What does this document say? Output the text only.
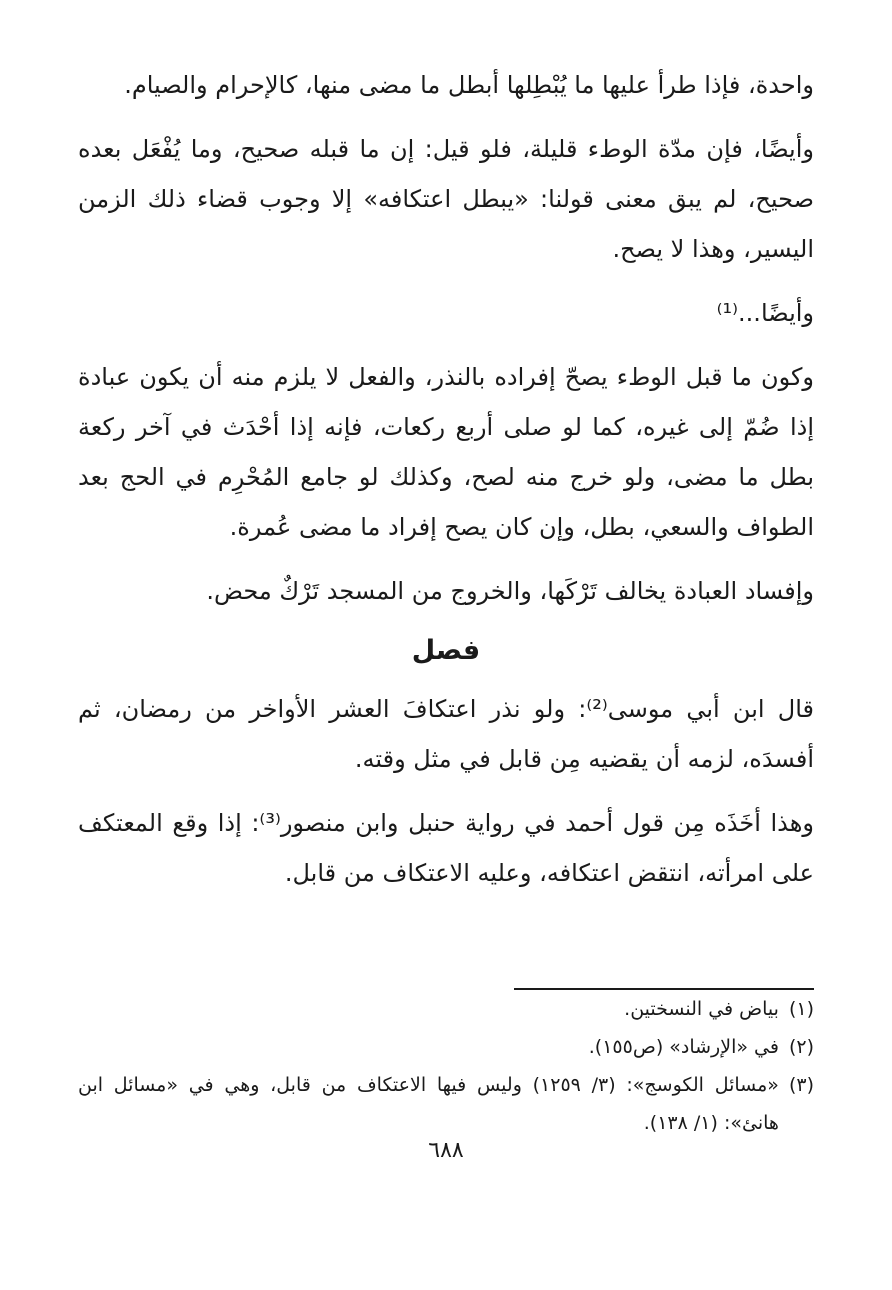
واحدة، فإذا طرأ عليها ما يُبْطِلها أبطل ما مضى منها، كالإحرام والصيام.

وأيضًا، فإن مدّة الوطء قليلة، فلو قيل: إن ما قبله صحيح، وما يُفْعَل بعده صحيح، لم يبق معنى قولنا: «يبطل اعتكافه» إلا وجوب قضاء ذلك الزمن اليسير، وهذا لا يصح.

وأيضًا...⁽¹⁾

وكون ما قبل الوطء يصحّ إفراده بالنذر، والفعل لا يلزم منه أن يكون عبادة إذا ضُمّ إلى غيره، كما لو صلى أربع ركعات، فإنه إذا أحْدَث في آخر ركعة بطل ما مضى، ولو خرج منه لصح، وكذلك لو جامع المُحْرِم في الحج بعد الطواف والسعي، بطل، وإن كان يصح إفراد ما مضى عُمرة.

وإفساد العبادة يخالف تَرْكَها، والخروج من المسجد تَرْكٌ محض.

فصل

قال ابن أبي موسى⁽²⁾: ولو نذر اعتكافَ العشر الأواخر من رمضان، ثم أفسدَه، لزمه أن يقضيه مِن قابل في مثل وقته.

وهذا أخَذَه مِن قول أحمد في رواية حنبل وابن منصور⁽³⁾: إذا وقع المعتكف على امرأته، انتقض اعتكافه، وعليه الاعتكاف من قابل.

(١)
بياض في النسختين.
(٢)
في «الإرشاد» (ص١٥٥).
(٣)
«مسائل الكوسج»: (٣/ ١٢٥٩) وليس فيها الاعتكاف من قابل، وهي في «مسائل ابن هانئ»: (١/ ١٣٨).
٦٨٨
